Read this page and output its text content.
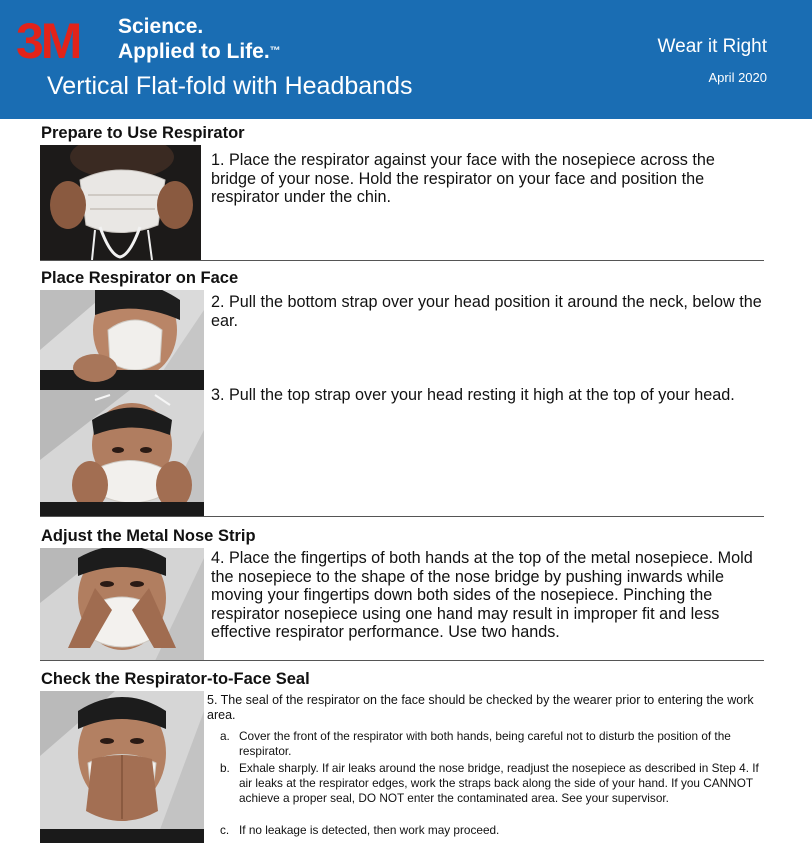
3M Science.
Applied to Life.™
Vertical Flat-fold with Headbands
Wear it Right
April 2020
Prepare to Use Respirator
1. Place the respirator against your face with the nosepiece across the bridge of your nose. Hold the respirator on your face and position the respirator under the chin.
Place Respirator on Face
2. Pull the bottom strap over your head position it around the neck, below the ear.
3. Pull the top strap over your head resting it high at the top of your head.
Adjust the Metal Nose Strip
4. Place the fingertips of both hands at the top of the metal nosepiece. Mold the nosepiece to the shape of the nose bridge by pushing inwards while moving your fingertips down both sides of the nosepiece. Pinching the respirator nosepiece using one hand may result in improper fit and less effective respirator performance. Use two hands.
Check the Respirator-to-Face Seal
5. The seal of the respirator on the face should be checked by the wearer prior to entering the work area.
a. Cover the front of the respirator with both hands, being careful not to disturb the position of the respirator.
b. Exhale sharply. If air leaks around the nose bridge, readjust the nosepiece as described in Step 4. If air leaks at the respirator edges, work the straps back along the side of your hand. If you CANNOT achieve a proper seal, DO NOT enter the contaminated area. See your supervisor.
c. If no leakage is detected, then work may proceed.
